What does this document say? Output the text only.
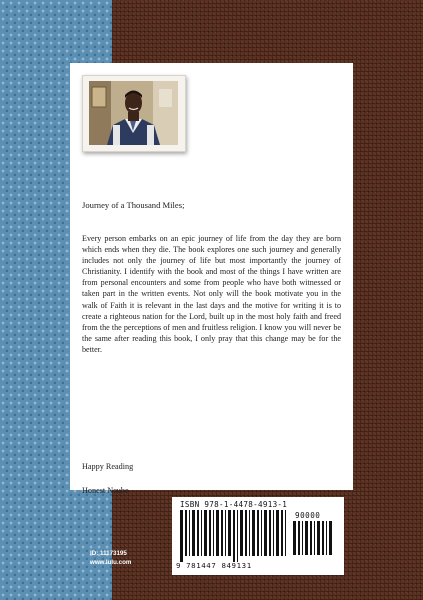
Journey of a Thousand Miles;

Every person embarks on an epic journey of life from the day they are born which ends when they die. The book explores one such journey and generally includes not only the journey of life but most importantly the journey of Christianity. I identify with the book and most of the things I have written are from personal encounters and some from people who have both witnessed or taken part in the written events. Not only will the book motivate you in the walk of Faith it is relevant in the last days and the motive for writing it is to create a righteous nation for the Lord, built up in the most holy faith and freed from the the perceptions of men and fruitless religion. I know you will never be the same after reading this book, I only pray that this change may be for the better.

Happy Reading
Honest Ncube
ISBN 978-1-4478-4913-1
90000
9 781447 849131
ID: 11173195
www.lulu.com
